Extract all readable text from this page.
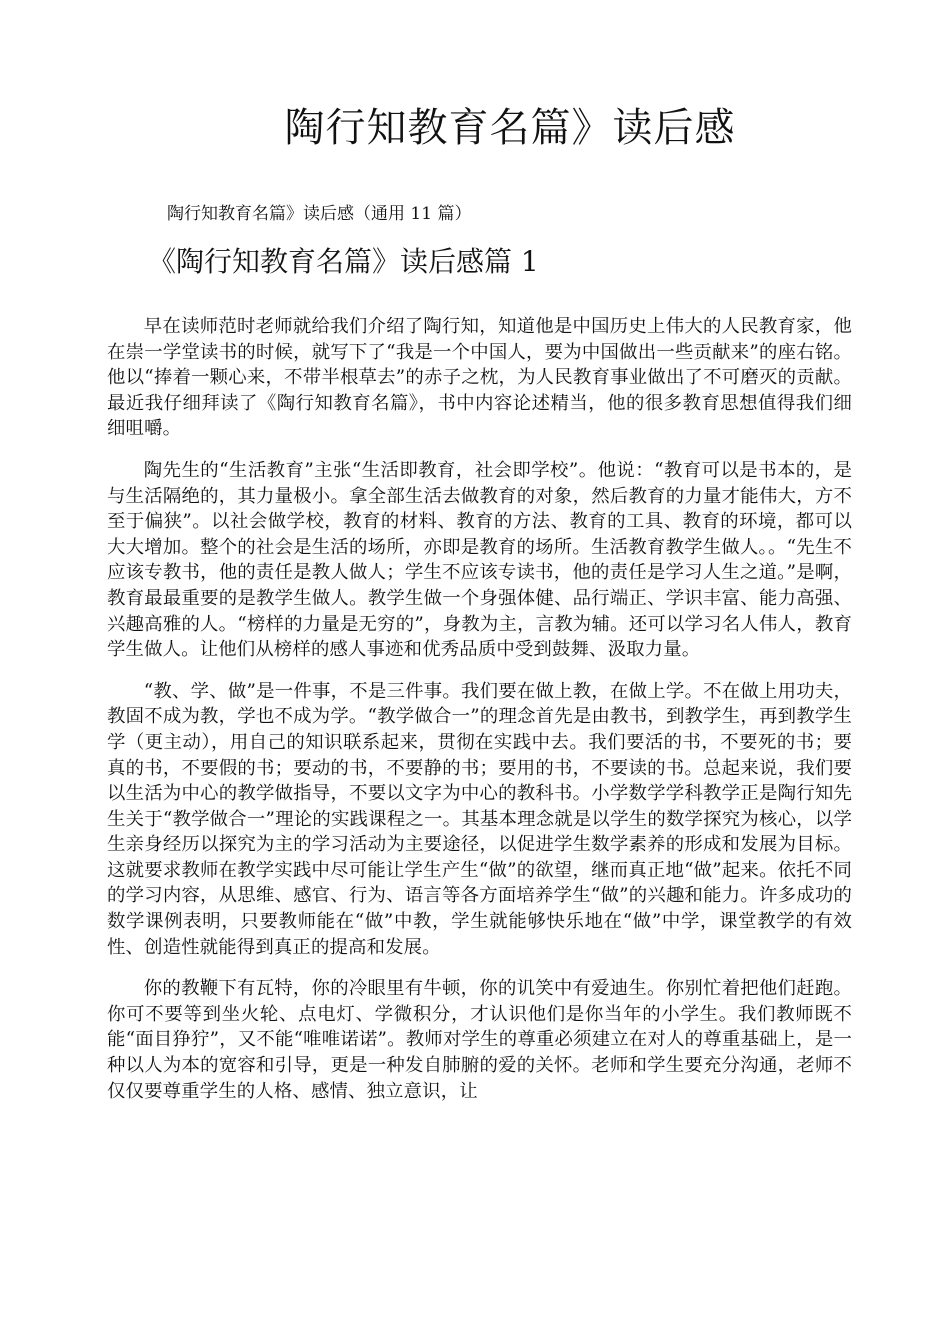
陶行知教育名篇》读后感

陶行知教育名篇》读后感（通用 11 篇）

《陶行知教育名篇》读后感篇 1

早在读师范时老师就给我们介绍了陶行知，知道他是中国历史上伟大的人民教育家，他在崇一学堂读书的时候，就写下了“我是一个中国人，要为中国做出一些贡献来”的座右铭。他以“捧着一颗心来，不带半根草去”的赤子之枕，为人民教育事业做出了不可磨灭的贡献。最近我仔细拜读了《陶行知教育名篇》，书中内容论述精当，他的很多教育思想值得我们细细咀嚼。

陶先生的“生活教育”主张“生活即教育，社会即学校”。他说：“教育可以是书本的，是与生活隔绝的，其力量极小。拿全部生活去做教育的对象，然后教育的力量才能伟大，方不至于偏狭”。以社会做学校，教育的材料、教育的方法、教育的工具、教育的环境，都可以大大增加。整个的社会是生活的场所，亦即是教育的场所。生活教育教学生做人。。“先生不应该专教书，他的责任是教人做人；学生不应该专读书，他的责任是学习人生之道。”是啊，教育最最重要的是教学生做人。教学生做一个身强体健、品行端正、学识丰富、能力高强、兴趣高雅的人。“榜样的力量是无穷的”，身教为主，言教为辅。还可以学习名人伟人，教育学生做人。让他们从榜样的感人事迹和优秀品质中受到鼓舞、汲取力量。

“教、学、做”是一件事，不是三件事。我们要在做上教，在做上学。不在做上用功夫，教固不成为教，学也不成为学。“教学做合一”的理念首先是由教书，到教学生，再到教学生学（更主动），用自己的知识联系起来，贯彻在实践中去。我们要活的书，不要死的书；要真的书，不要假的书；要动的书，不要静的书；要用的书，不要读的书。总起来说，我们要以生活为中心的教学做指导，不要以文字为中心的教科书。小学数学学科教学正是陶行知先生关于“教学做合一”理论的实践课程之一。其基本理念就是以学生的数学探究为核心，以学生亲身经历以探究为主的学习活动为主要途径，以促进学生数学素养的形成和发展为目标。这就要求教师在教学实践中尽可能让学生产生“做”的欲望，继而真正地“做”起来。依托不同的学习内容，从思维、感官、行为、语言等各方面培养学生“做”的兴趣和能力。许多成功的数学课例表明，只要教师能在“做”中教，学生就能够快乐地在“做”中学，课堂教学的有效性、创造性就能得到真正的提高和发展。

你的教鞭下有瓦特，你的冷眼里有牛顿，你的讥笑中有爱迪生。你别忙着把他们赶跑。你可不要等到坐火轮、点电灯、学微积分，才认识他们是你当年的小学生。我们教师既不能“面目狰狞”，又不能“唯唯诺诺”。教师对学生的尊重必须建立在对人的尊重基础上，是一种以人为本的宽容和引导，更是一种发自肺腑的爱的关怀。老师和学生要充分沟通，老师不仅仅要尊重学生的人格、感情、独立意识，让
